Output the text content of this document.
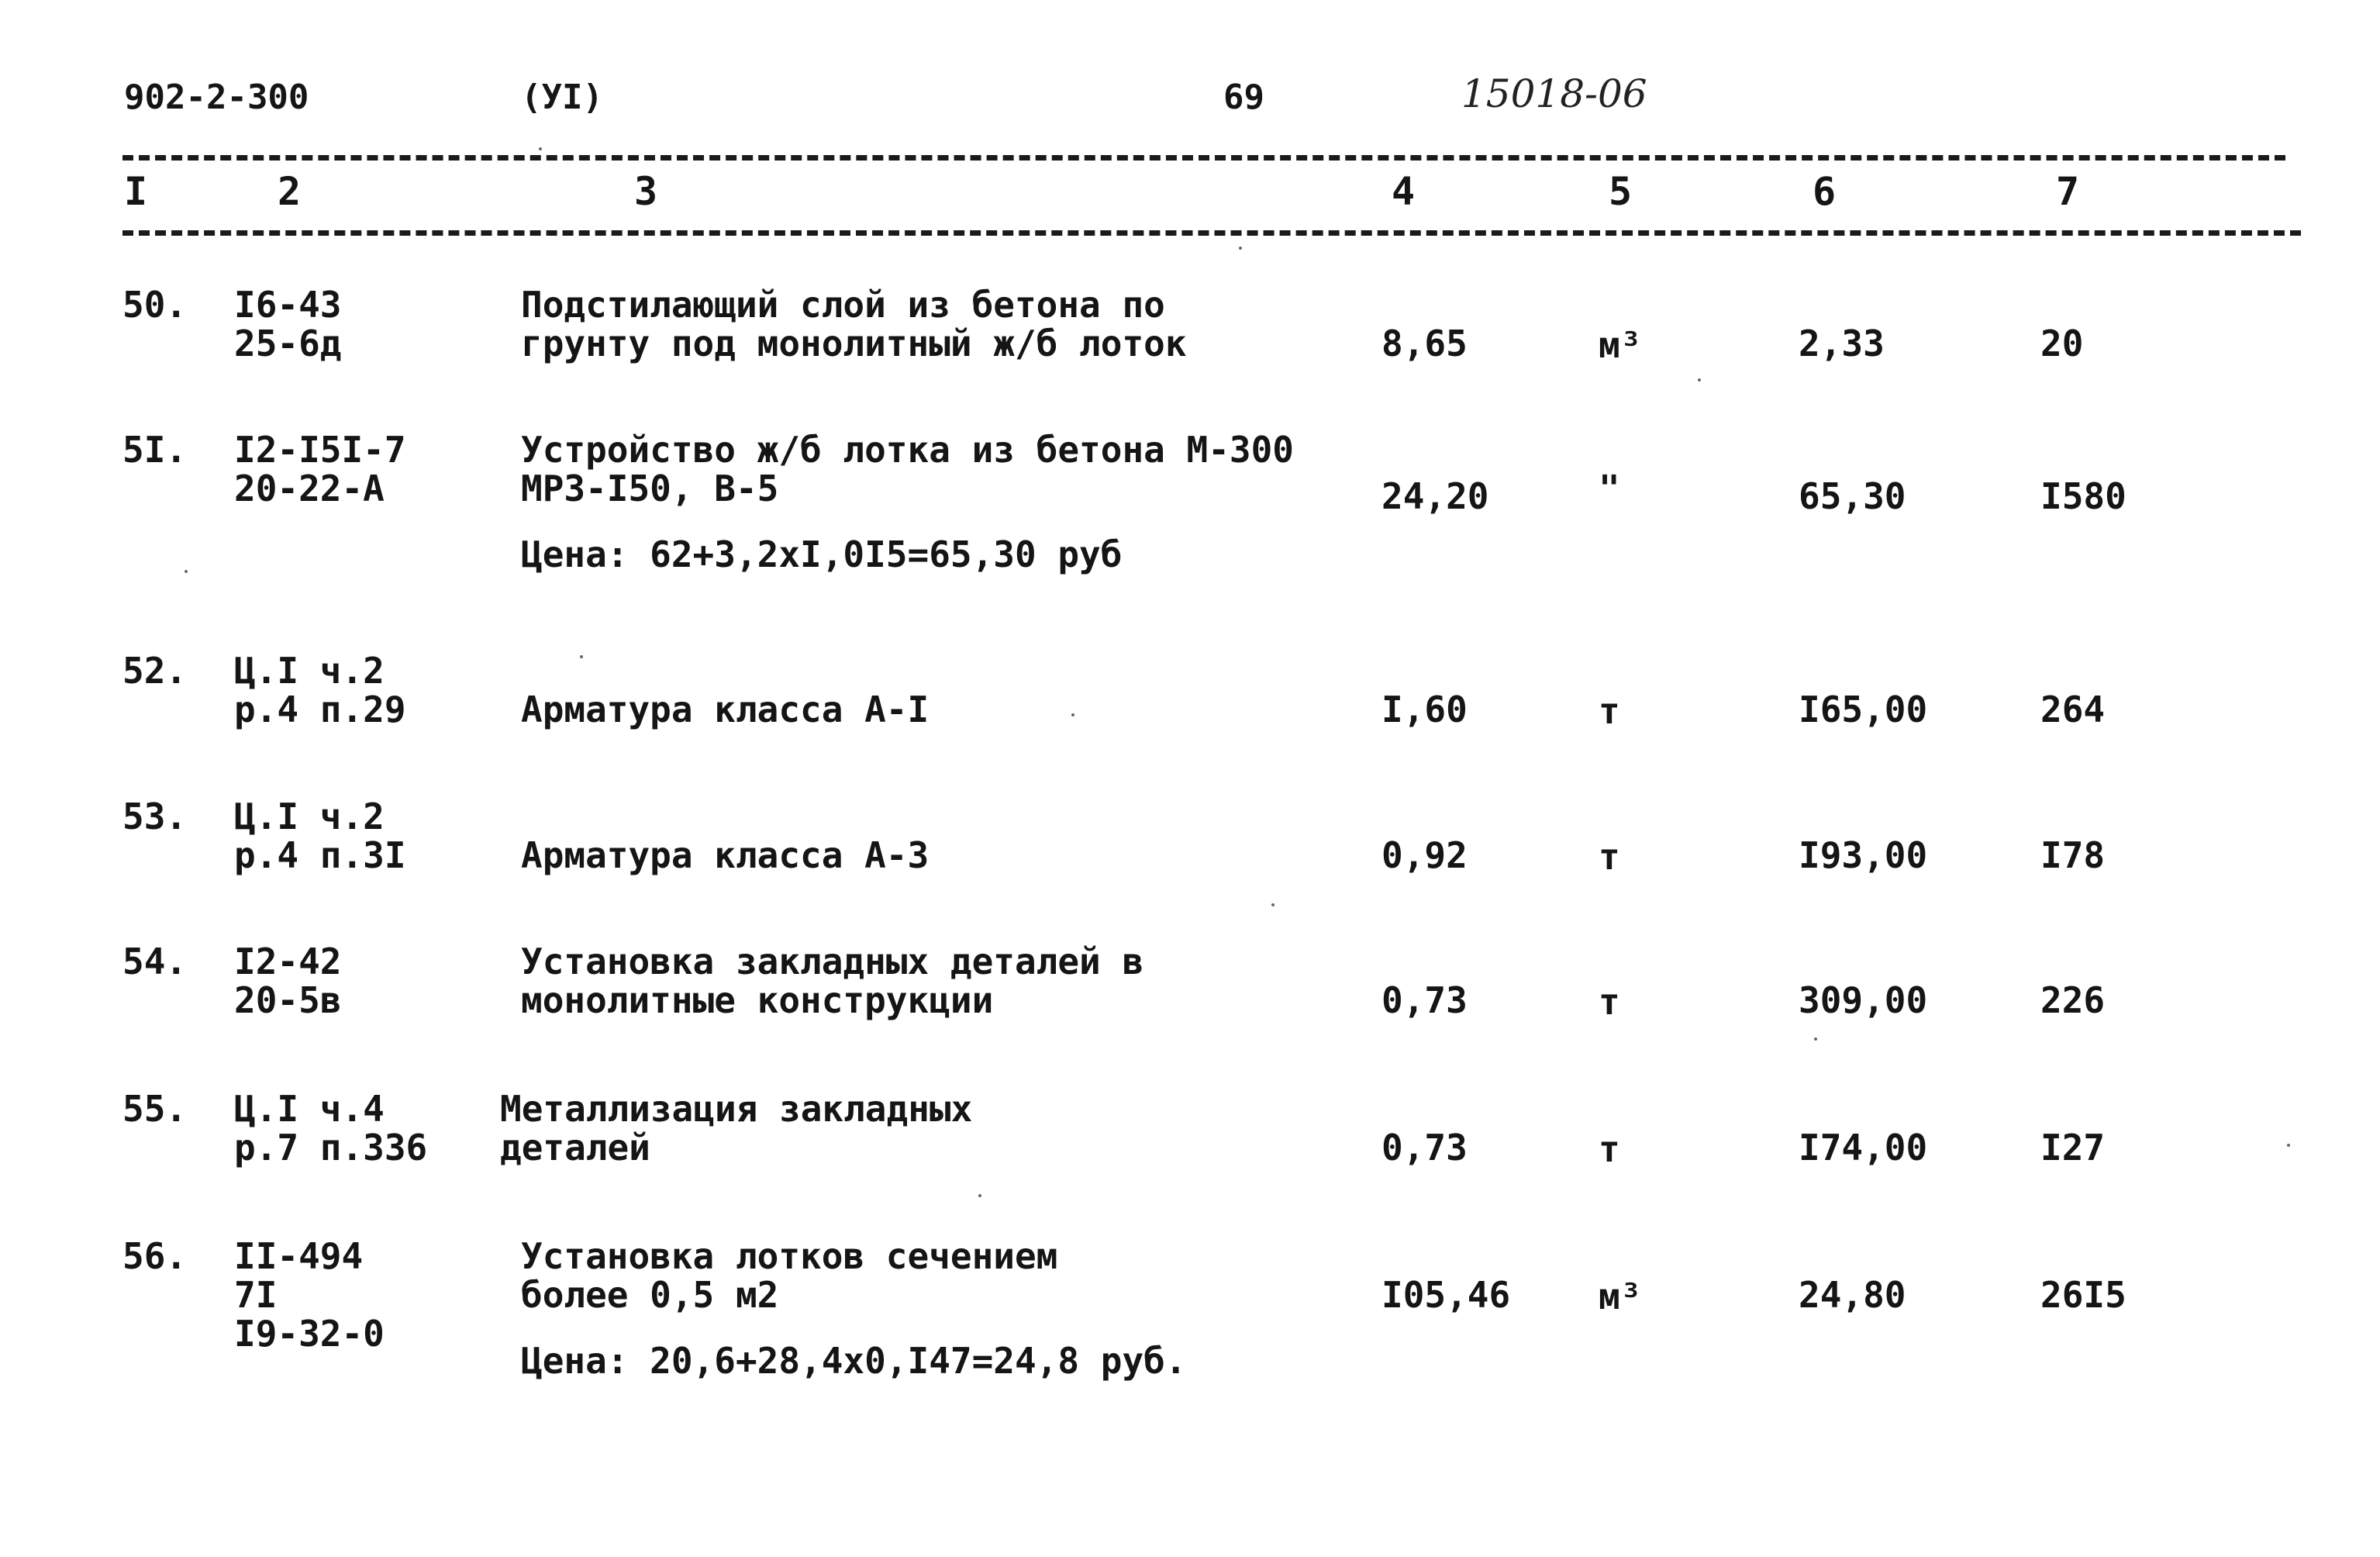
902-2-300	(УI)	69	15018-06
I	2	3	4	5	6	7
50. I6-43
25-6д
Подстилающий слой из бетона по
грунту под монолитный ж/б лоток	8,65	м³	2,33	20
5I. I2-I5I-7
20-22-А
Устройство ж/б лотка из бетона М-300
МРЗ-I50, В-5
Цена: 62+3,2хI,0I5=65,30 руб
24,20	"	65,30	I580
52. Ц.I ч.2
р.4 п.29	Арматура класса А-I	I,60	т	I65,00	264
53. Ц.I ч.2
р.4 п.3I	Арматура класса А-3	0,92	т	I93,00	I78
54. I2-42
20-5в
Установка закладных деталей в
монолитные конструкции	0,73	т	309,00	226
55. Ц.I ч.4
р.7 п.336
Металлизация закладных
деталей	0,73	т	I74,00	I27
56. II-494
7I
I9-32-0
Установка лотков сечением
более 0,5 м2
Цена: 20,6+28,4х0,I47=24,8 руб.
I05,46 м³	24,80	26I5
